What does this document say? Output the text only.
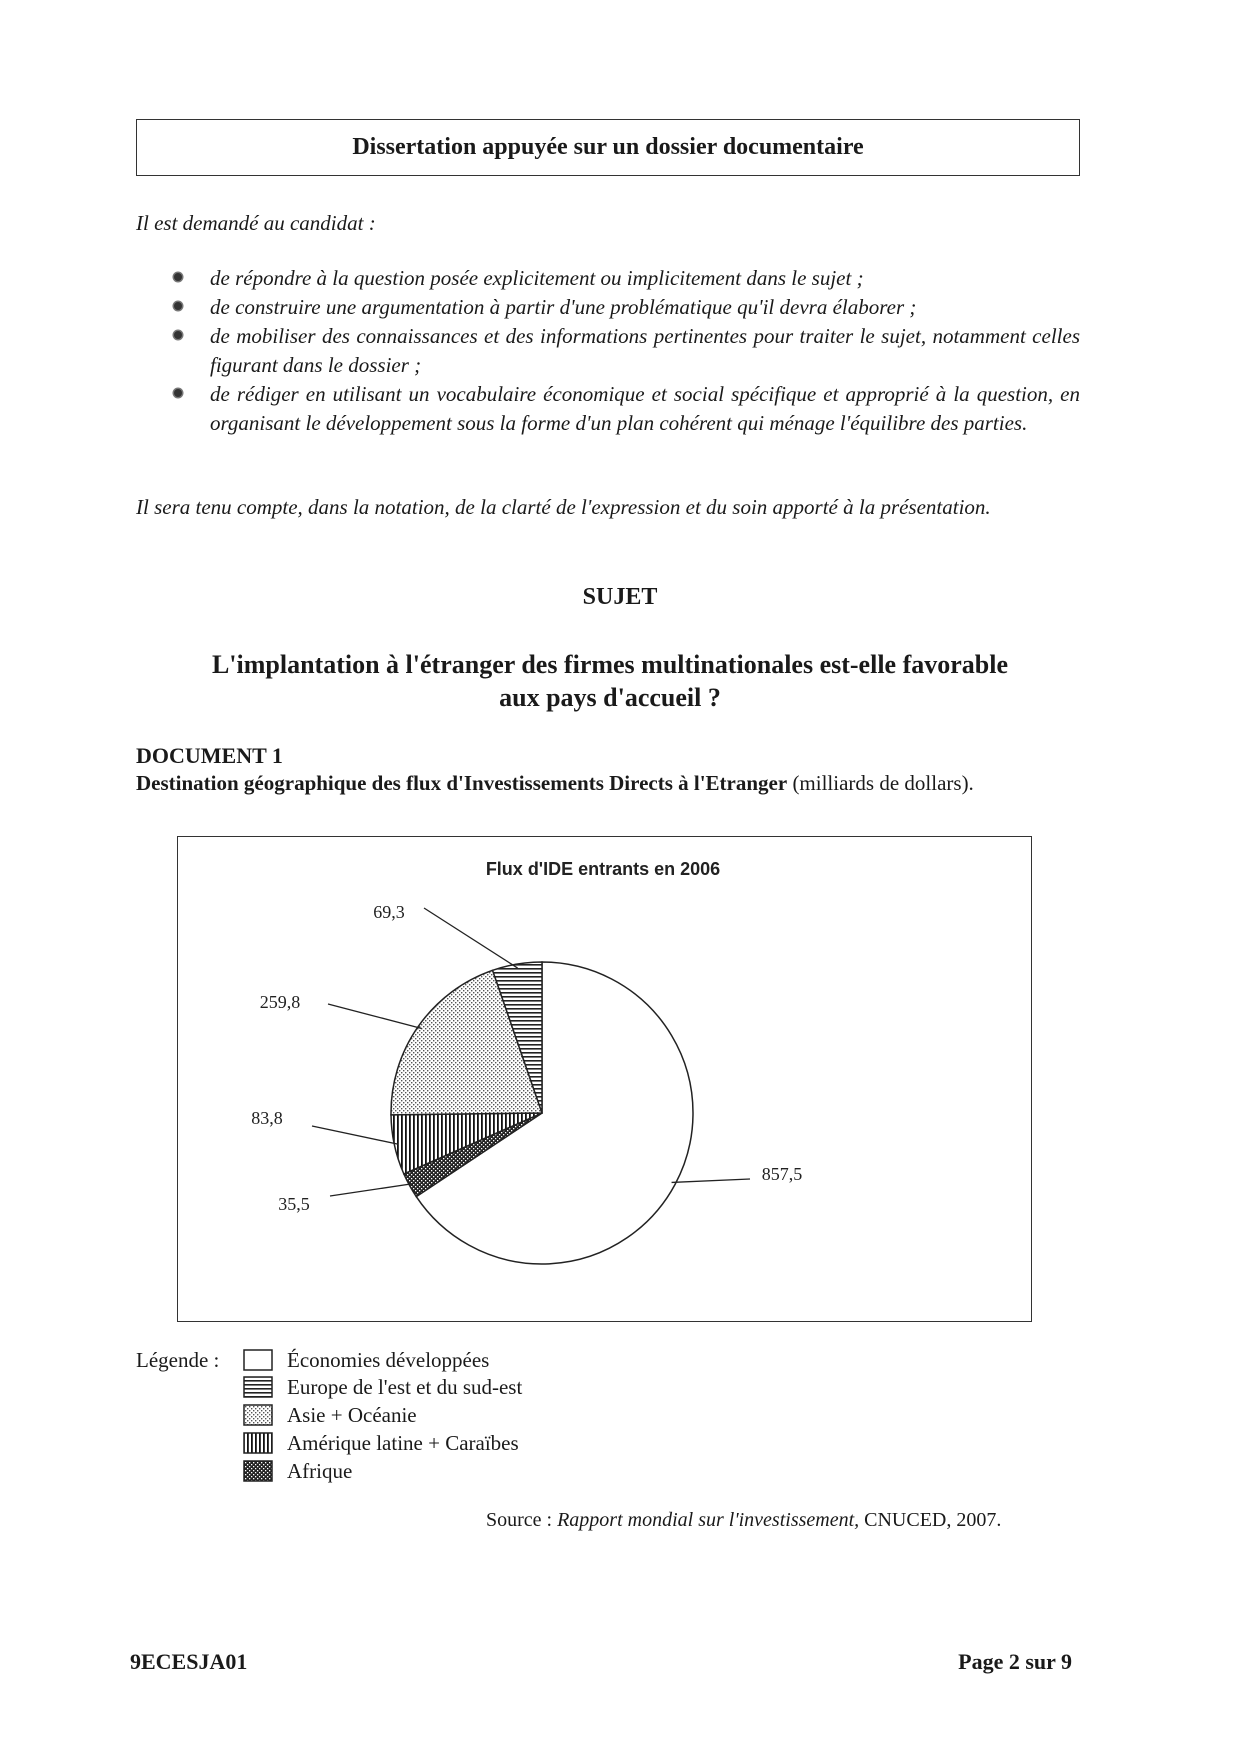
Dissertation appuyée sur un dossier documentaire
Il est demandé au candidat :
de répondre à la question posée explicitement ou implicitement dans le sujet ;
de construire une argumentation à partir d'une problématique qu'il devra élaborer ;
de mobiliser des connaissances et des informations pertinentes pour traiter le sujet, notamment celles figurant dans le dossier ;
de rédiger en utilisant un vocabulaire économique et social spécifique et approprié à la question, en organisant le développement sous la forme d'un plan cohérent qui ménage l'équilibre des parties.
Il sera tenu compte, dans la notation, de la clarté de l'expression et du soin apporté à la présentation.
SUJET
L'implantation à l'étranger des firmes multinationales est-elle favorable
aux pays d'accueil ?
DOCUMENT 1
Destination géographique des flux d'Investissements Directs à l'Etranger (milliards de dollars).
Flux d'IDE entrants en 2006
857,5
35,5
83,8
259,8
69,3
Légende :	Économies développées
Europe de l'est et du sud-est
Asie + Océanie
Amérique latine + Caraïbes
Afrique
Source : Rapport mondial sur l'investissement, CNUCED, 2007.
9ECESJA01	Page 2 sur 9
